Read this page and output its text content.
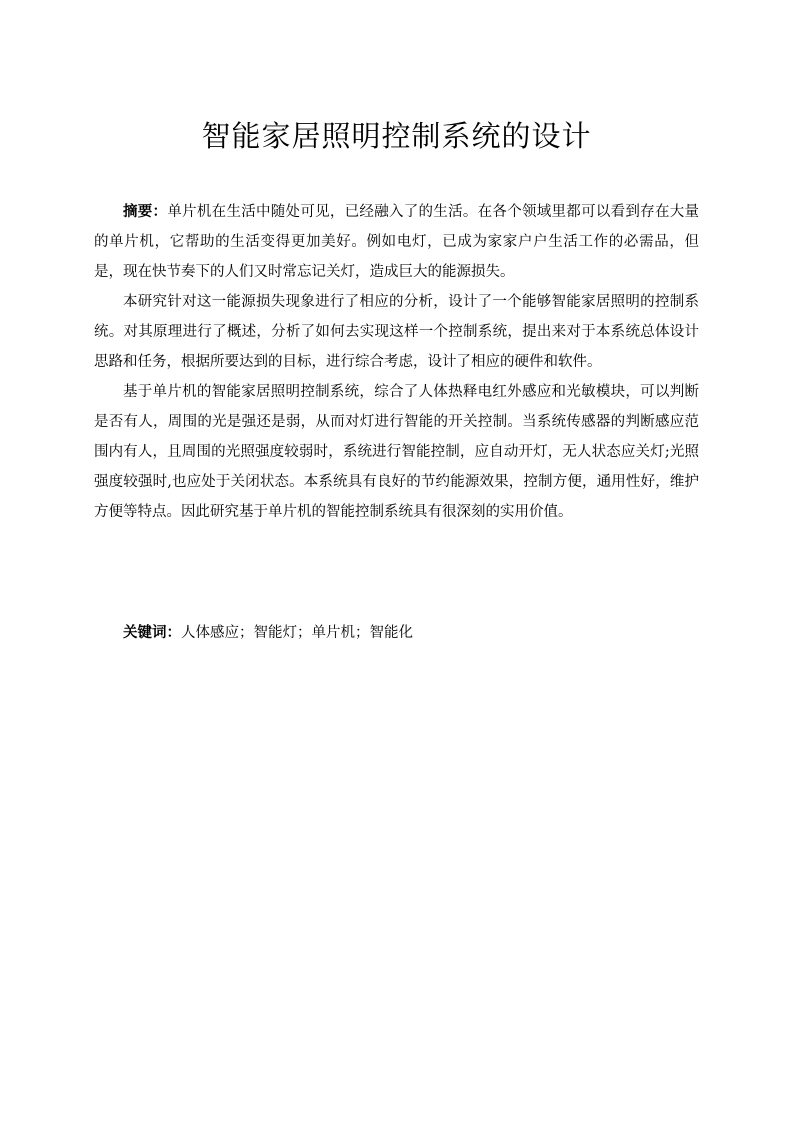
智能家居照明控制系统的设计

摘要：单片机在生活中随处可见，已经融入了的生活。在各个领域里都可以看到存在大量的单片机，它帮助的生活变得更加美好。例如电灯，已成为家家户户生活工作的必需品，但是，现在快节奏下的人们又时常忘记关灯，造成巨大的能源损失。

本研究针对这一能源损失现象进行了相应的分析，设计了一个能够智能家居照明的控制系统。对其原理进行了概述，分析了如何去实现这样一个控制系统，提出来对于本系统总体设计思路和任务，根据所要达到的目标，进行综合考虑，设计了相应的硬件和软件。

基于单片机的智能家居照明控制系统，综合了人体热释电红外感应和光敏模块，可以判断是否有人，周围的光是强还是弱，从而对灯进行智能的开关控制。当系统传感器的判断感应范围内有人，且周围的光照强度较弱时，系统进行智能控制，应自动开灯，无人状态应关灯;光照强度较强时,也应处于关闭状态。本系统具有良好的节约能源效果，控制方便，通用性好，维护方便等特点。因此研究基于单片机的智能控制系统具有很深刻的实用价值。

关键词：人体感应；智能灯；单片机；智能化
